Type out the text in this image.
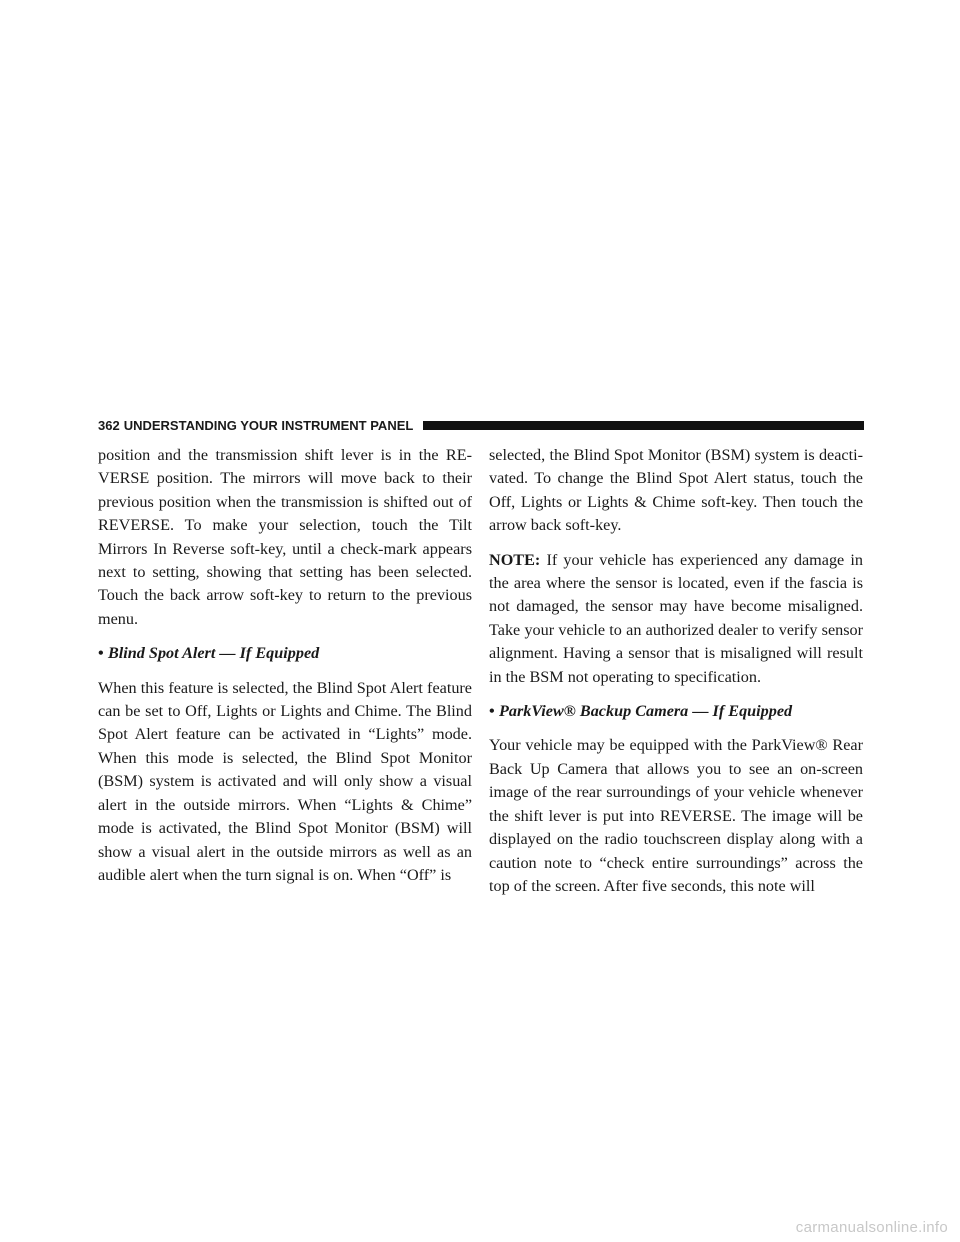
362 UNDERSTANDING YOUR INSTRUMENT PANEL

position and the transmission shift lever is in the RE- VERSE position. The mirrors will move back to their previous position when the transmission is shifted out of REVERSE. To make your selection, touch the Tilt Mirrors In Reverse soft-key, until a check-mark appears next to setting, showing that setting has been selected. Touch the back arrow soft-key to return to the previous menu.

• Blind Spot Alert — If Equipped

When this feature is selected, the Blind Spot Alert feature can be set to Off, Lights or Lights and Chime. The Blind Spot Alert feature can be activated in “Lights” mode. When this mode is selected, the Blind Spot Monitor (BSM) system is activated and will only show a visual alert in the outside mirrors. When “Lights & Chime” mode is activated, the Blind Spot Monitor (BSM) will show a visual alert in the outside mirrors as well as an audible alert when the turn signal is on. When “Off” is

selected, the Blind Spot Monitor (BSM) system is deacti- vated. To change the Blind Spot Alert status, touch the Off, Lights or Lights & Chime soft-key. Then touch the arrow back soft-key.

NOTE: If your vehicle has experienced any damage in the area where the sensor is located, even if the fascia is not damaged, the sensor may have become misaligned. Take your vehicle to an authorized dealer to verify sensor alignment. Having a sensor that is misaligned will result in the BSM not operating to specification.

• ParkView® Backup Camera — If Equipped

Your vehicle may be equipped with the ParkView® Rear Back Up Camera that allows you to see an on-screen image of the rear surroundings of your vehicle whenever the shift lever is put into REVERSE. The image will be displayed on the radio touchscreen display along with a caution note to “check entire surroundings” across the top of the screen. After five seconds, this note will

carmanualsonline.info
